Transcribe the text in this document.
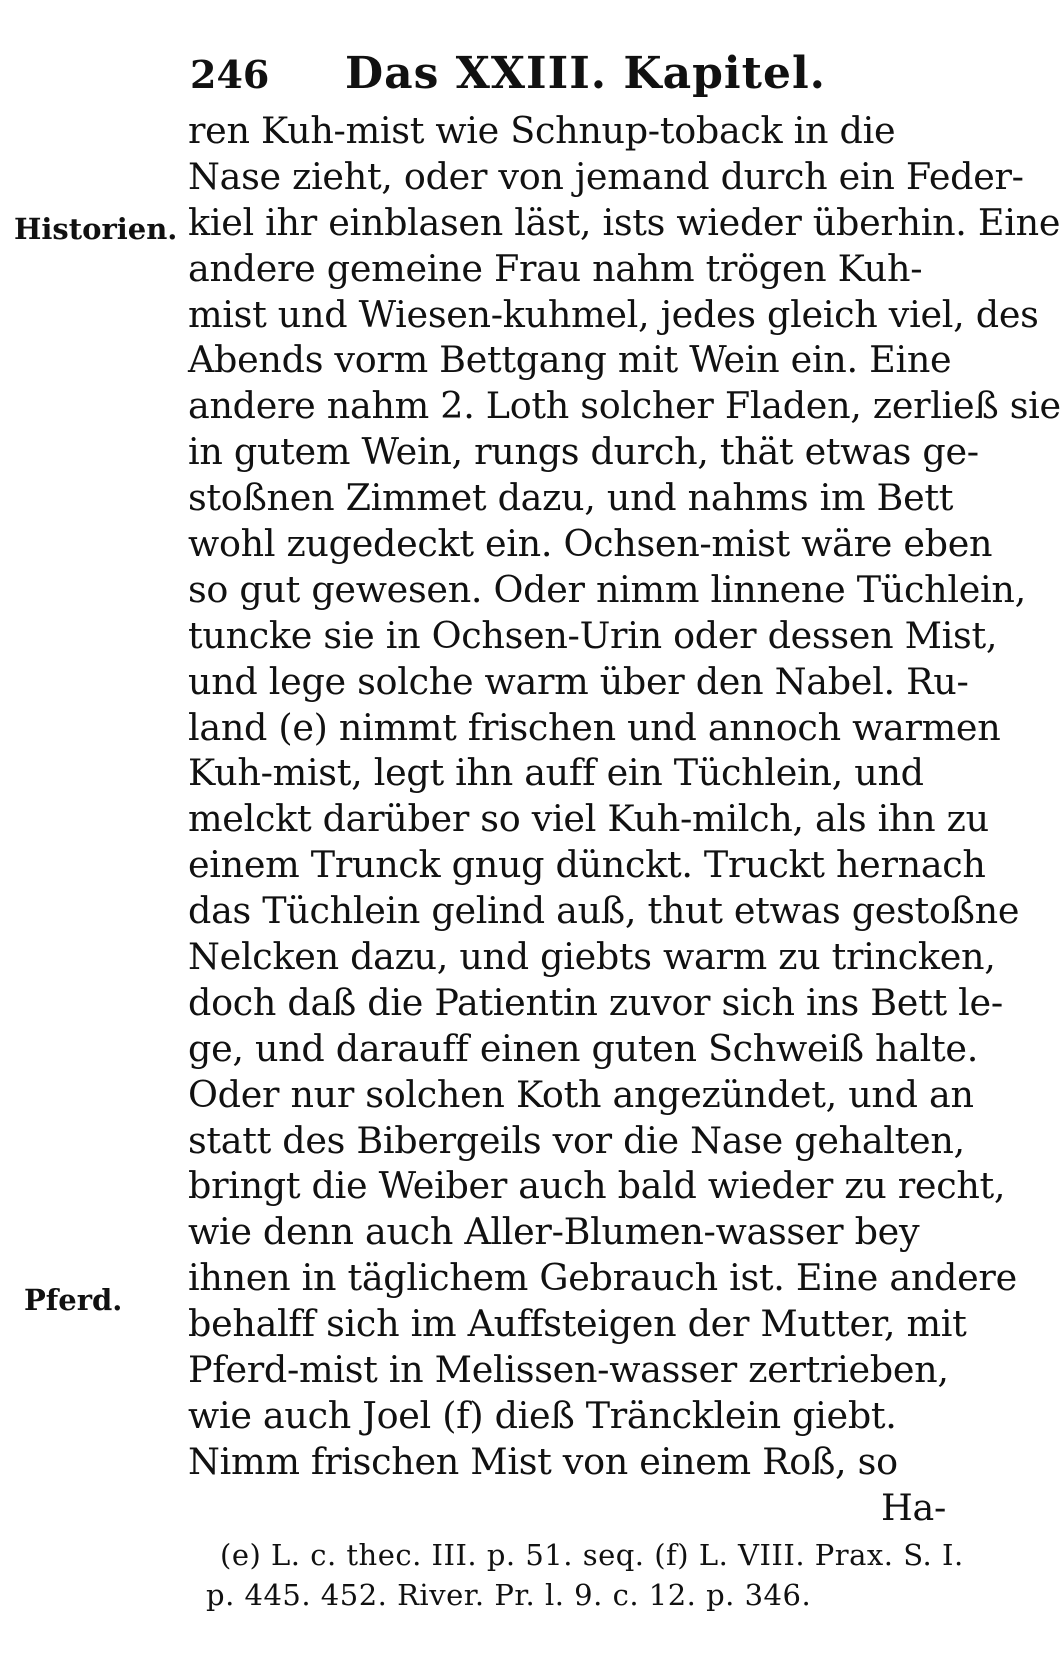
246 Das XXIII. Kapitel.
Historien.
Pferd.
ren Kuh-mist wie Schnup-toback in die
Nase zieht, oder von jemand durch ein Feder-
kiel ihr einblasen läst, ists wieder überhin. Eine
andere gemeine Frau nahm trögen Kuh-
mist und Wiesen-kuhmel, jedes gleich viel, des
Abends vorm Bettgang mit Wein ein. Eine
andere nahm 2. Loth solcher Fladen, zerließ sie
in gutem Wein, rungs durch, thät etwas ge-
stoßnen Zimmet dazu, und nahms im Bett
wohl zugedeckt ein. Ochsen-mist wäre eben
so gut gewesen. Oder nimm linnene Tüchlein,
tuncke sie in Ochsen-Urin oder dessen Mist,
und lege solche warm über den Nabel. Ru-
land (e) nimmt frischen und annoch warmen
Kuh-mist, legt ihn auff ein Tüchlein, und
melckt darüber so viel Kuh-milch, als ihn zu
einem Trunck gnug dünckt. Truckt hernach
das Tüchlein gelind auß, thut etwas gestoßne
Nelcken dazu, und giebts warm zu trincken,
doch daß die Patientin zuvor sich ins Bett le-
ge, und darauff einen guten Schweiß halte.
Oder nur solchen Koth angezündet, und an
statt des Bibergeils vor die Nase gehalten,
bringt die Weiber auch bald wieder zu recht,
wie denn auch Aller-Blumen-wasser bey
ihnen in täglichem Gebrauch ist. Eine andere
behalff sich im Auffsteigen der Mutter, mit
Pferd-mist in Melissen-wasser zertrieben,
wie auch Joel (f) dieß Träncklein giebt.
Nimm frischen Mist von einem Roß, so
Ha-
(e) L. c. thec. III. p. 51. seq. (f) L. VIII. Prax. S. I.
p. 445. 452. River. Pr. l. 9. c. 12. p. 346.
